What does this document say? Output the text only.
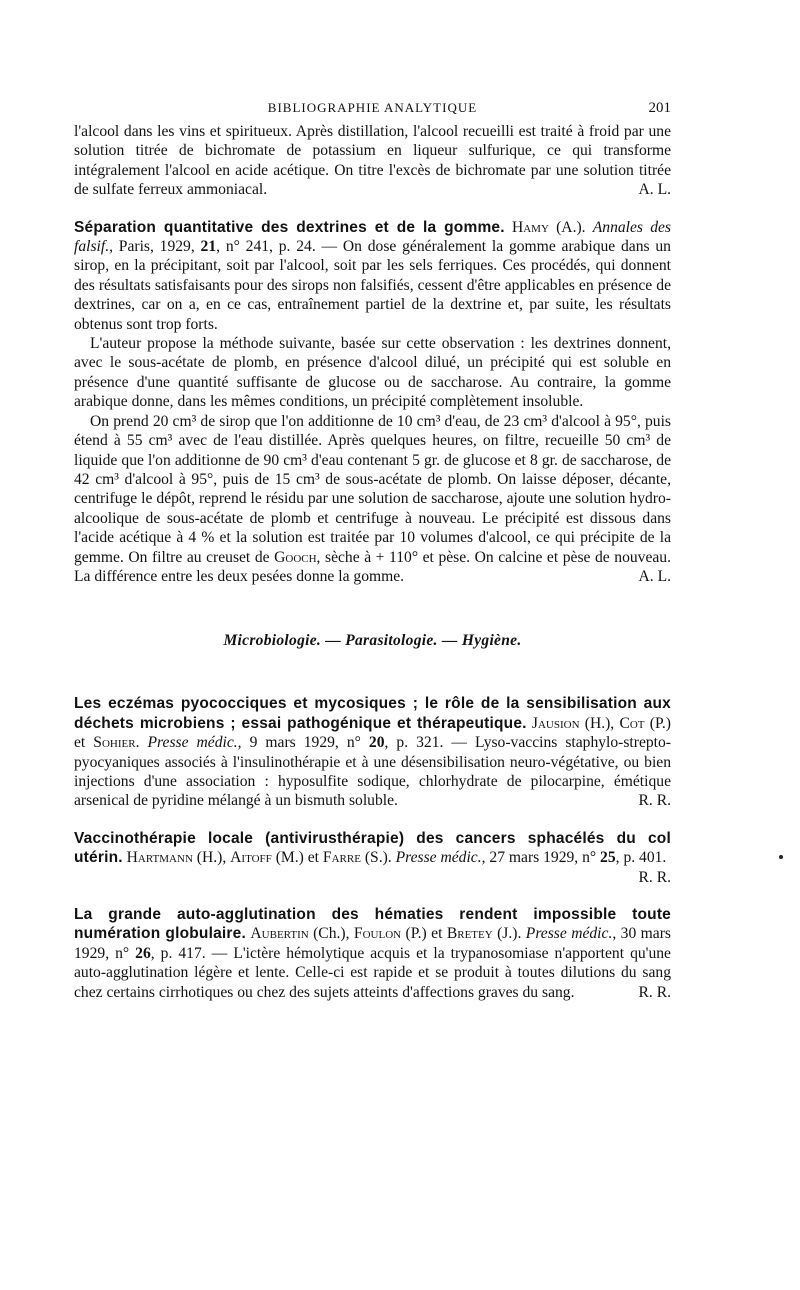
BIBLIOGRAPHIE ANALYTIQUE	201

l'alcool dans les vins et spiritueux. Après distillation, l'alcool recueilli est traité à froid par une solution titrée de bichromate de potassium en liqueur sulfurique, ce qui transforme intégralement l'alcool en acide acétique. On titre l'excès de bichromate par une solution titrée de sulfate ferreux ammoniacal.	A. L.

Séparation quantitative des dextrines et de la gomme. Hamy (A.). Annales des falsif., Paris, 1929, 21, n° 241, p. 24. — On dose généralement la gomme arabique dans un sirop, en la précipitant, soit par l'alcool, soit par les sels ferriques. Ces procédés, qui donnent des résultats satisfaisants pour des sirops non falsifiés, cessent d'être applicables en présence de dextrines, car on a, en ce cas, entraînement partiel de la dextrine et, par suite, les résultats obtenus sont trop forts.

L'auteur propose la méthode suivante, basée sur cette observation : les dextrines donnent, avec le sous-acétate de plomb, en présence d'alcool dilué, un précipité qui est soluble en présence d'une quantité suffisante de glucose ou de saccharose. Au contraire, la gomme arabique donne, dans les mêmes conditions, un précipité complètement insoluble.

On prend 20 cm³ de sirop que l'on additionne de 10 cm³ d'eau, de 23 cm³ d'alcool à 95°, puis étend à 55 cm³ avec de l'eau distillée. Après quelques heures, on filtre, recueille 50 cm³ de liquide que l'on additionne de 90 cm³ d'eau contenant 5 gr. de glucose et 8 gr. de saccharose, de 42 cm³ d'alcool à 95°, puis de 15 cm³ de sous-acétate de plomb. On laisse déposer, décante, centrifuge le dépôt, reprend le résidu par une solution de saccharose, ajoute une solution hydro-alcoolique de sous-acétate de plomb et centrifuge à nouveau. Le précipité est dissous dans l'acide acétique à 4 % et la solution est traitée par 10 volumes d'alcool, ce qui précipite de la gemme. On filtre au creuset de Gooch, sèche à + 110° et pèse. On calcine et pèse de nouveau. La différence entre les deux pesées donne la gomme.	A. L.

Microbiologie. — Parasitologie. — Hygiène.

Les eczémas pyococciques et mycosiques ; le rôle de la sensibilisation aux déchets microbiens ; essai pathogénique et thérapeutique. Jausion (H.), Cot (P.) et Sohier. Presse médic., 9 mars 1929, n° 20, p. 321. — Lyso-vaccins staphylo-strepto-pyocyaniques associés à l'insulinothérapie et à une désensibilisation neuro-végétative, ou bien injections d'une association : hyposulfite sodique, chlorhydrate de pilocarpine, émétique arsenical de pyridine mélangé à un bismuth soluble.	R. R.

Vaccinothérapie locale (antivirusthérapie) des cancers sphacélés du col utérin. Hartmann (H.), Aitoff (M.) et Farre (S.). Presse médic., 27 mars 1929, n° 25, p. 401.
R. R.

La grande auto-agglutination des hématies rendent impossible toute numération globulaire. Aubertin (Ch.), Foulon (P.) et Bretey (J.). Presse médic., 30 mars 1929, n° 26, p. 417. — L'ictère hémolytique acquis et la trypanosomiase n'apportent qu'une auto-agglutination légère et lente. Celle-ci est rapide et se produit à toutes dilutions du sang chez certains cirrhotiques ou chez des sujets atteints d'affections graves du sang.	R. R.
